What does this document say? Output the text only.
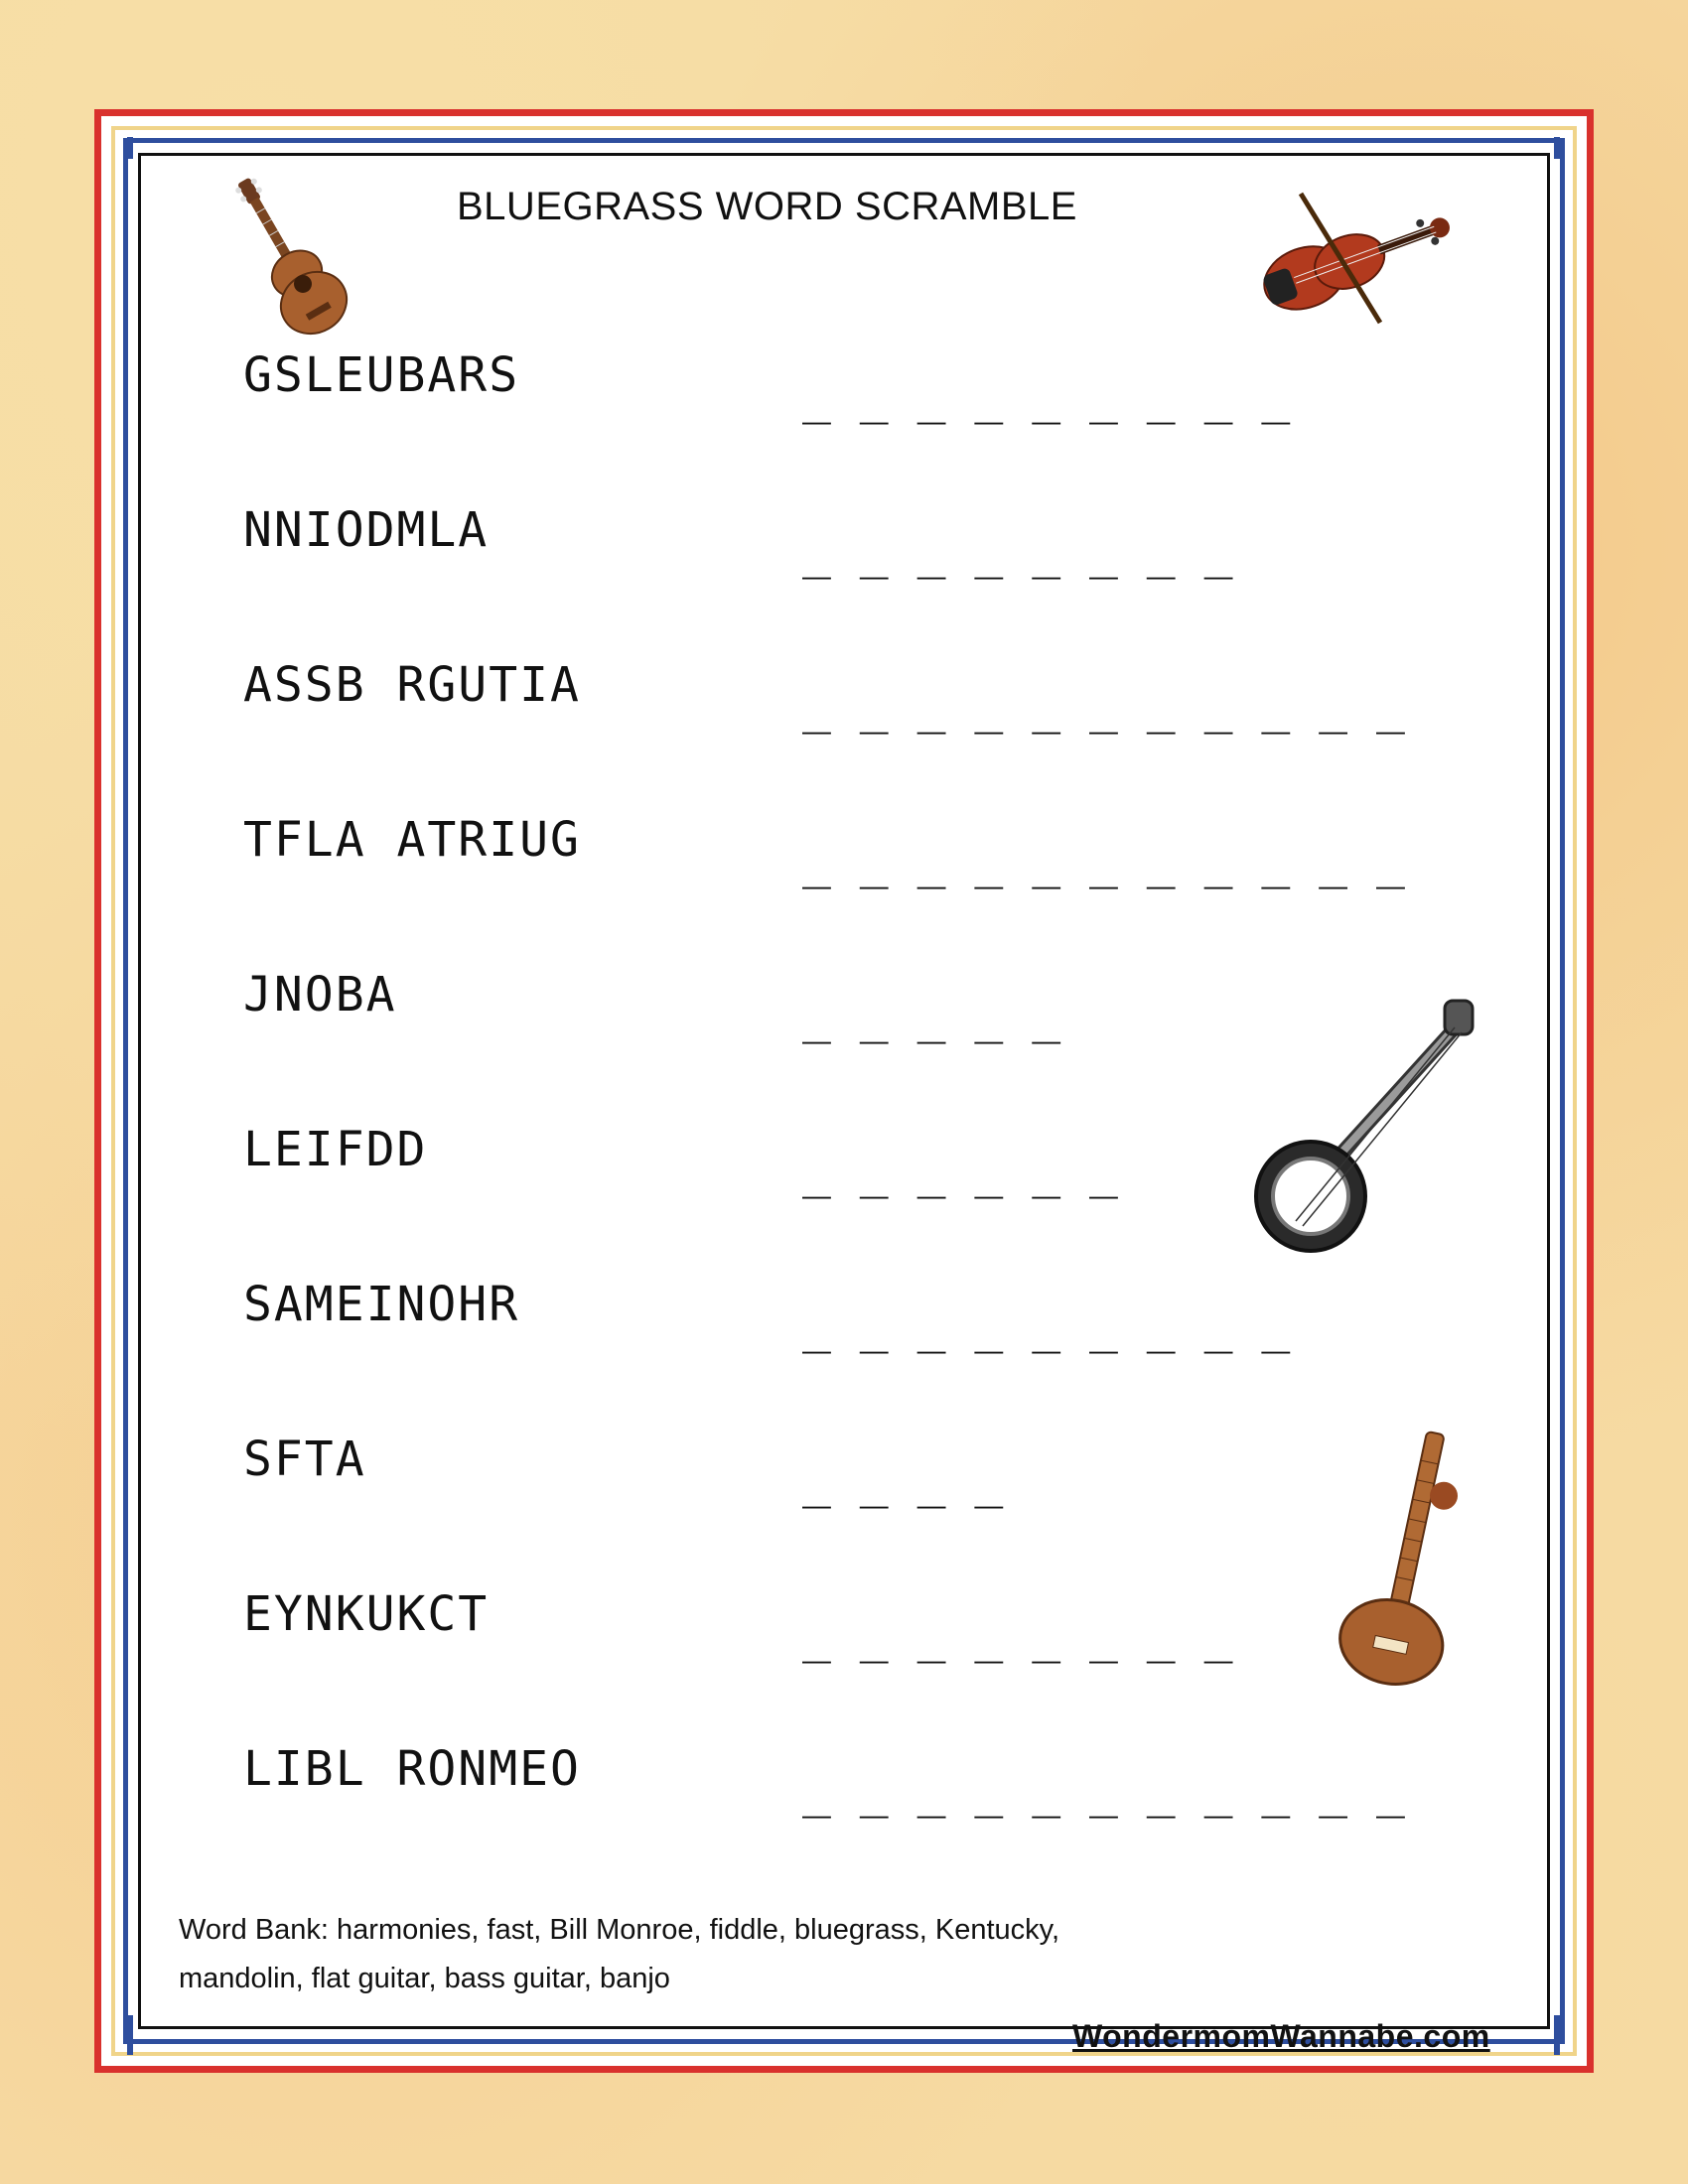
BLUEGRASS WORD SCRAMBLE
GSLEUBARS	_ _ _ _ _ _ _ _ _
NNIODMLA	_ _ _ _ _ _ _ _
ASSB RGUTIA	_ _ _ _ _ _ _ _ _ _ _
TFLA ATRIUG	_ _ _ _ _ _ _ _ _ _ _
JNOBA	_ _ _ _ _
LEIFDD	_ _ _ _ _ _
SAMEINOHR	_ _ _ _ _ _ _ _ _
SFTA	_ _ _ _
EYNKUKCT	_ _ _ _ _ _ _ _
LIBL RONMEO	_ _ _ _ _ _ _ _ _ _ _
Word Bank: harmonies, fast, Bill Monroe, fiddle, bluegrass, Kentucky,
mandolin, flat guitar, bass guitar, banjo
WondermomWannabe.com
